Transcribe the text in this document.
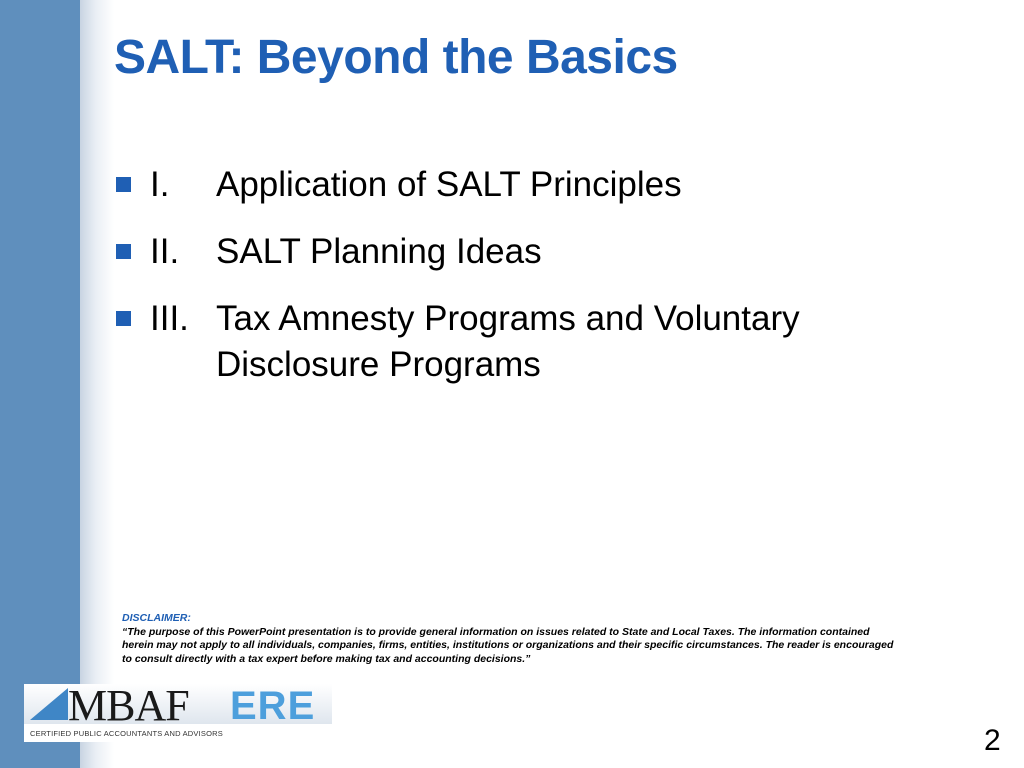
SALT: Beyond the Basics
I. Application of SALT Principles
II. SALT Planning Ideas
III. Tax Amnesty Programs and Voluntary Disclosure Programs
DISCLAIMER:
“The purpose of this PowerPoint presentation is to provide general information on issues related to State and Local Taxes. The information contained herein may not apply to all individuals, companies, firms, entities, institutions or organizations and their specific circumstances. The reader is encouraged to consult directly with a tax expert before making tax and accounting decisions.”
MBAF ERE
CERTIFIED PUBLIC ACCOUNTANTS AND ADVISORS	2
